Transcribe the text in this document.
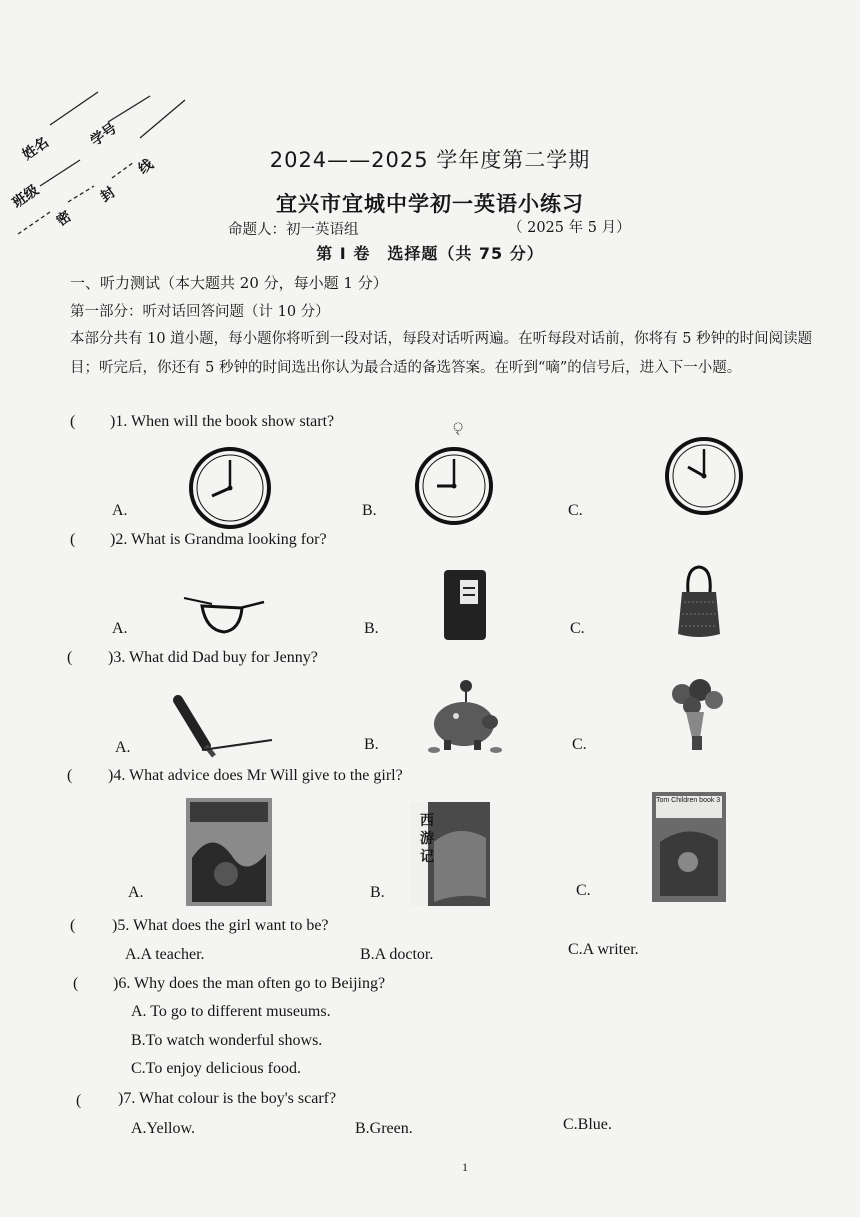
姓名	学号
班级
密
封
线	2024——2025 学年度第二学期
宜兴市宜城中学初一英语小练习
命题人：初一英语组	（ 2025 年 5 月）
第 I 卷　选择题（共 75 分）
一、听力测试（本大题共 20 分，每小题 1 分）
第一部分：听对话回答问题（计 10 分）
本部分共有 10 道小题，每小题你将听到一段对话，每段对话听两遍。在听每段对话前，你将有 5 秒钟的时间阅读题目；听完后，你还有 5 秒钟的时间选出你认为最合适的备选答案。在听到“嘀”的信号后，进入下一小题。
( )1. When will the book show start?
A.	B.	C.
ৃ
( )2. What is Grandma looking for?
A.	B.	C.
( )3. What did Dad buy for Jenny?
A.	B.	C.
( )4. What advice does Mr Will give to the girl?
A.	B.	C.
西游记
Tom Children book 3
( )5. What does the girl want to be?
A.A teacher.	B.A doctor.	C.A writer.
( )6. Why does the man often go to Beijing?
A. To go to different museums.
B.To watch wonderful shows.
C.To enjoy delicious food.
( )7. What colour is the boy's scarf?
A.Yellow.	B.Green.	C.Blue.
1
